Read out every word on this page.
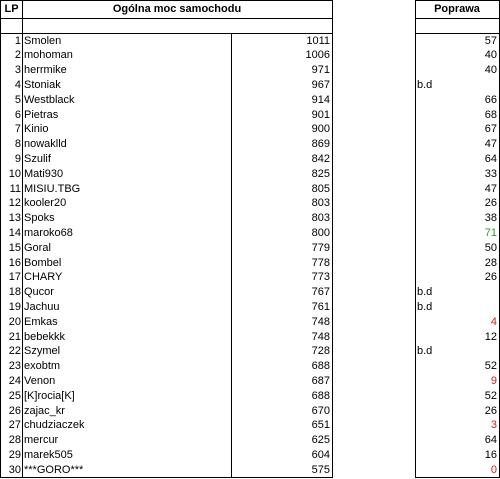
LP	Ogólna moc samochodu	Poprawa
1 Smolen	1011	57
2 mohoman	1006	40
3 herrmike	971	40
4 Stoniak	967	b.d
5 Westblack	914	66
6 Pietras	901	68
7 Kinio	900	67
8 nowaklld	869	47
9 Szulif	842	64
10 Mati930	825	33
11 MISIU.TBG	805	47
12 kooler20	803	26
13 Spoks	803	38
14 maroko68	800	71
15 Goral	779	50
16 Bombel	778	28
17 CHARY	773	26
18 Qucor	767	b.d
19 Jachuu	761	b.d
20 Emkas	748	4
21 bebekkk	748	12
22 Szymel	728	b.d
23 exobtm	688	52
24 Venon	687	9
25 [K]rocia[K]	688	52
26 zajac_kr	670	26
27 chudziaczek	651	3
28 mercur	625	64
29 marek505	604	16
30 ***GORO***	575	0
